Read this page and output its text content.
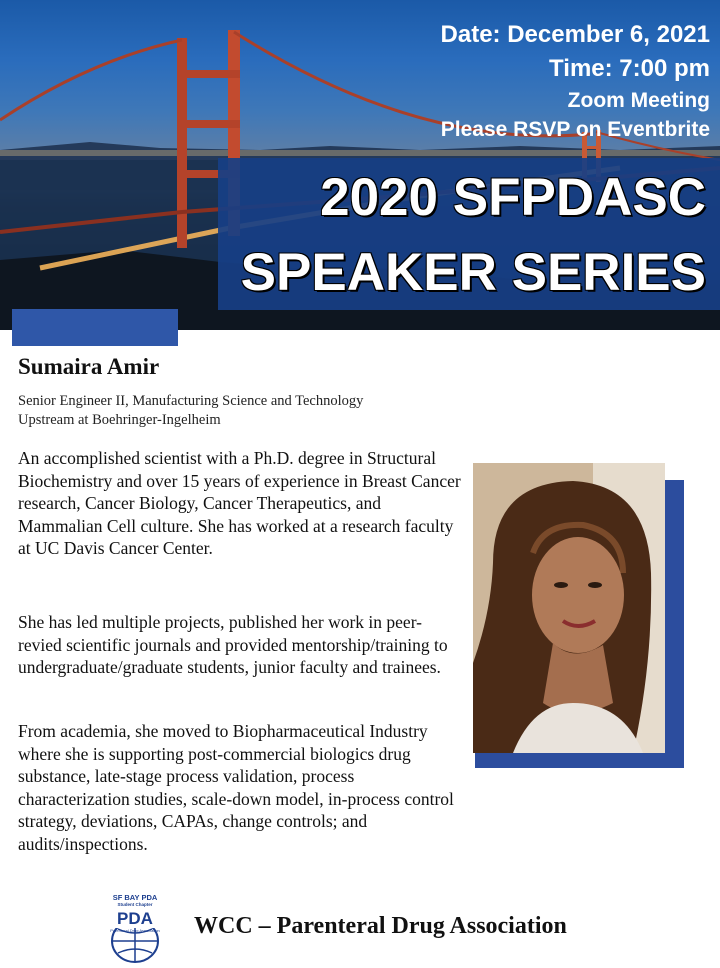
Date: December 6, 2021
Time: 7:00 pm
Zoom Meeting
Please RSVP on Eventbrite
2020 SFPDASC
SPEAKER SERIES
Sumaira Amir
Senior Engineer II, Manufacturing Science and Technology
Upstream at Boehringer-Ingelheim
An accomplished scientist with a Ph.D. degree in Structural Biochemistry and over 15 years of experience in Breast Cancer research, Cancer Biology, Cancer Therapeutics, and Mammalian Cell culture. She has worked at a research faculty at UC Davis Cancer Center.
She has led multiple projects, published her work in peer-revied scientific journals and provided mentorship/training to undergraduate/graduate students, junior faculty and trainees.
From academia, she moved to Biopharmaceutical Industry where she is supporting post-commercial biologics drug substance, late-stage process validation, process characterization studies, scale-down model, in-process control strategy, deviations, CAPAs, change controls; and audits/inspections.
SF BAY PDA
Student Chapter
PDA
Parenteral Drug Association WCC – Parenteral Drug Association
